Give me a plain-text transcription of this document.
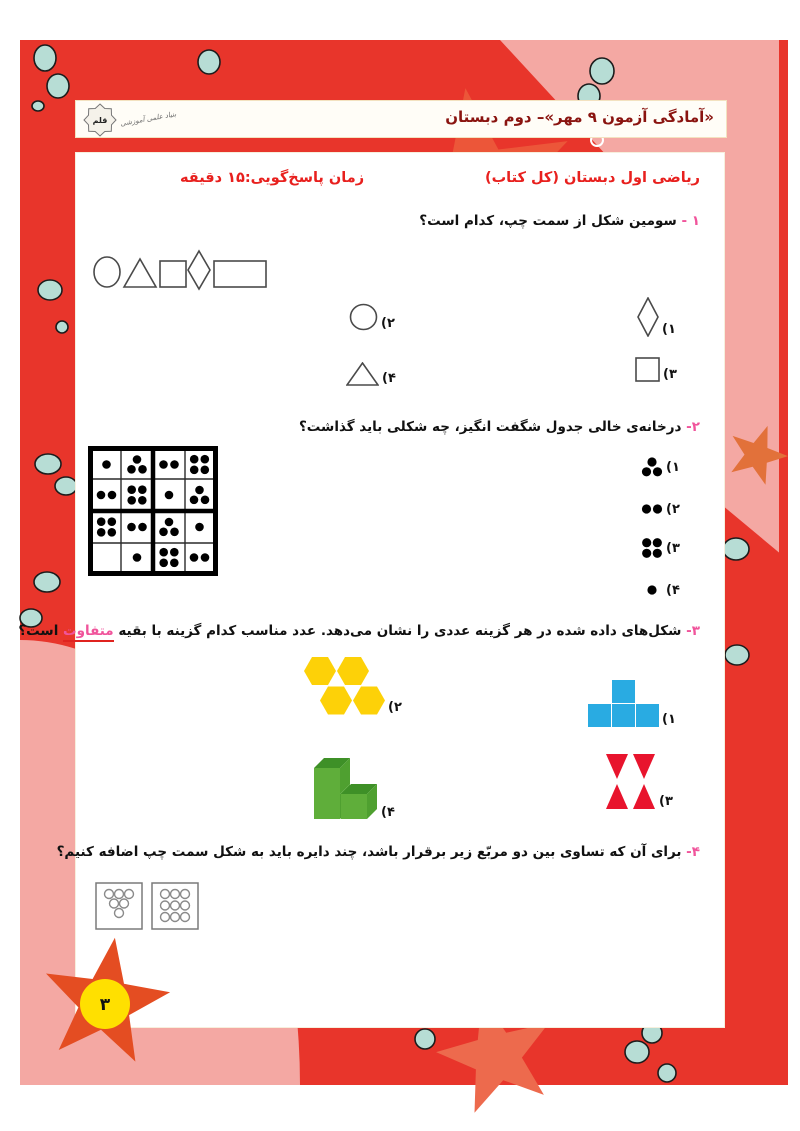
قلم بنیاد علمی آموزشی	«آمادگی آزمون ۹ مهر»– دوم دبستان
ریاضی اول دبستان (کل کتاب)
زمان پاسخ‌گویی:۱۵ دقیقه
۱ - سومین شکل از سمت چپ، کدام است؟
(۱
(۲
(۳
(۴
۲- درخانه‌ی خالی جدول شگفت انگیز، چه شکلی باید گذاشت؟
(۱
(۲
(۳
(۴
۳- شکل‌های داده شده در هر گزینه عددی را نشان می‌دهد. عدد مناسب کدام گزینه با بقیه متفاوت است؟
(۱
(۲
(۳
(۴
۴- برای آن که تساوی بین دو مربّع زیر برقرار باشد، چند دایره باید به شکل سمت چپ اضافه کنیم؟
۳
